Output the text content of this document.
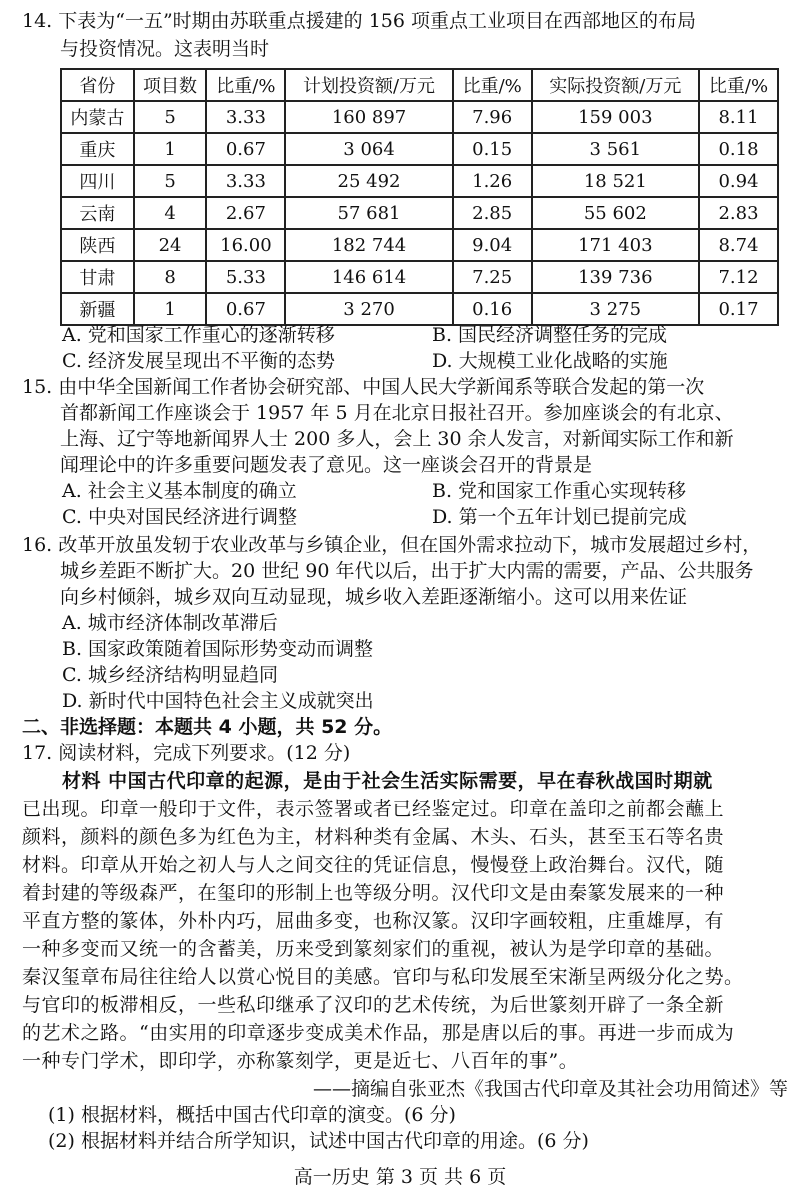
14. 下表为“一五”时期由苏联重点援建的 156 项重点工业项目在西部地区的布局
与投资情况。这表明当时
省份	项目数	比重/%	计划投资额/万元	比重/%	实际投资额/万元	比重/%
内蒙古	5	3.33	160 897	7.96	159 003	8.11
重庆	1	0.67	3 064	0.15	3 561	0.18
四川	5	3.33	25 492	1.26	18 521	0.94
云南	4	2.67	57 681	2.85	55 602	2.83
陕西	24	16.00	182 744	9.04	171 403	8.74
甘肃	8	5.33	146 614	7.25	139 736	7.12
新疆	1	0.67	3 270	0.16	3 275	0.17
A. 党和国家工作重心的逐渐转移	B. 国民经济调整任务的完成
C. 经济发展呈现出不平衡的态势	D. 大规模工业化战略的实施
15. 由中华全国新闻工作者协会研究部、中国人民大学新闻系等联合发起的第一次
首都新闻工作座谈会于 1957 年 5 月在北京日报社召开。参加座谈会的有北京、
上海、辽宁等地新闻界人士 200 多人，会上 30 余人发言，对新闻实际工作和新
闻理论中的许多重要问题发表了意见。这一座谈会召开的背景是
A. 社会主义基本制度的确立	B. 党和国家工作重心实现转移
C. 中央对国民经济进行调整	D. 第一个五年计划已提前完成
16. 改革开放虽发轫于农业改革与乡镇企业，但在国外需求拉动下，城市发展超过乡村，
城乡差距不断扩大。20 世纪 90 年代以后，出于扩大内需的需要，产品、公共服务
向乡村倾斜，城乡双向互动显现，城乡收入差距逐渐缩小。这可以用来佐证
A. 城市经济体制改革滞后
B. 国家政策随着国际形势变动而调整
C. 城乡经济结构明显趋同
D. 新时代中国特色社会主义成就突出
二、非选择题：本题共 4 小题，共 52 分。
17. 阅读材料，完成下列要求。(12 分)
材料 中国古代印章的起源，是由于社会生活实际需要，早在春秋战国时期就
已出现。印章一般印于文件，表示签署或者已经鉴定过。印章在盖印之前都会蘸上
颜料，颜料的颜色多为红色为主，材料种类有金属、木头、石头，甚至玉石等名贵
材料。印章从开始之初人与人之间交往的凭证信息，慢慢登上政治舞台。汉代，随
着封建的等级森严，在玺印的形制上也等级分明。汉代印文是由秦篆发展来的一种
平直方整的篆体，外朴内巧，屈曲多变，也称汉篆。汉印字画较粗，庄重雄厚，有
一种多变而又统一的含蓄美，历来受到篆刻家们的重视，被认为是学印章的基础。
秦汉玺章布局往往给人以赏心悦目的美感。官印与私印发展至宋渐呈两级分化之势。
与官印的板滞相反，一些私印继承了汉印的艺术传统，为后世篆刻开辟了一条全新
的艺术之路。“由实用的印章逐步变成美术作品，那是唐以后的事。再进一步而成为
一种专门学术，即印学，亦称篆刻学，更是近七、八百年的事”。
——摘编自张亚杰《我国古代印章及其社会功用简述》等
(1) 根据材料，概括中国古代印章的演变。(6 分)
(2) 根据材料并结合所学知识，试述中国古代印章的用途。(6 分)
高一历史 第 3 页 共 6 页
